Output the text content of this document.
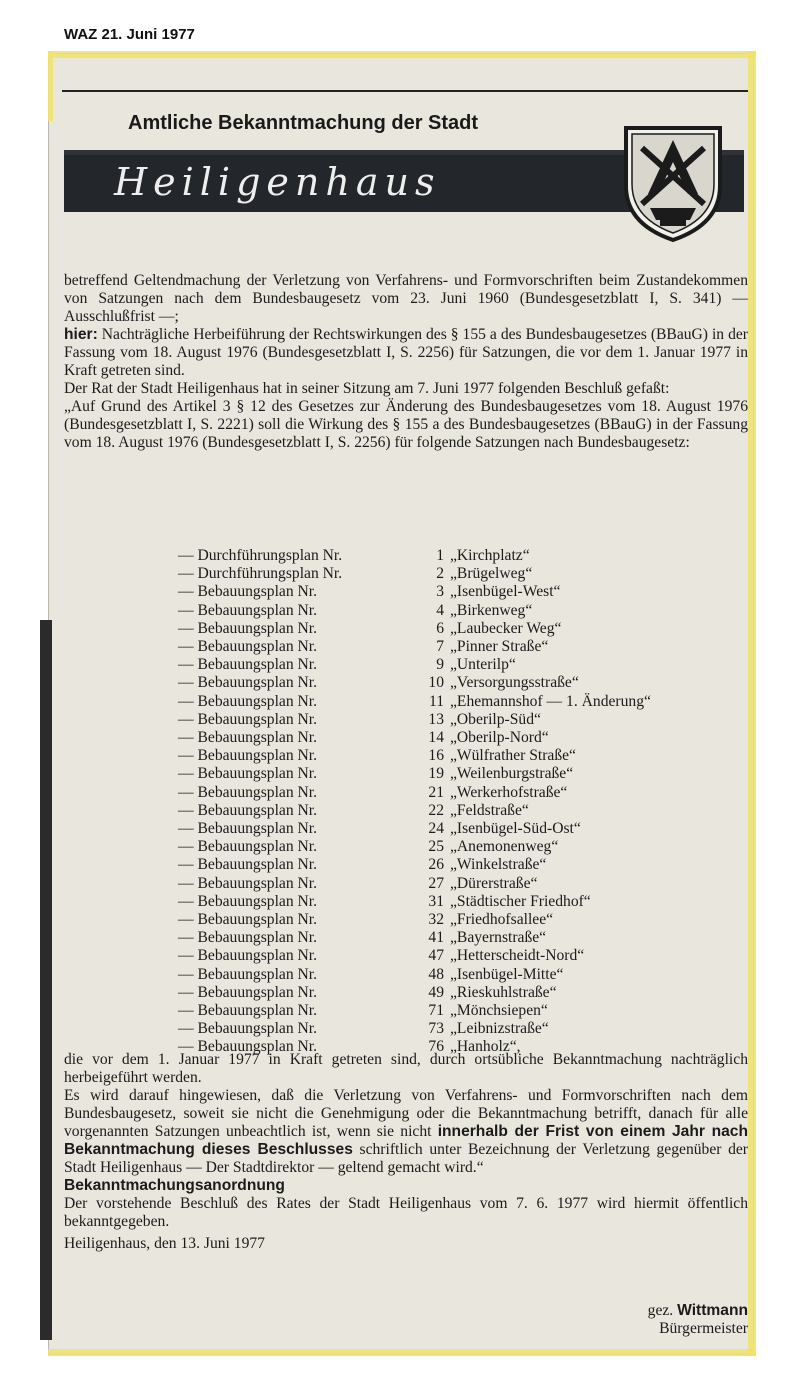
WAZ 21. Juni 1977
Amtliche Bekanntmachung der Stadt
Heiligenhaus

betreffend Geltendmachung der Verletzung von Verfahrens- und Formvorschriften beim Zustandekommen von Satzungen nach dem Bundesbaugesetz vom 23. Juni 1960 (Bundesgesetzblatt I, S. 341) — Ausschlußfrist —;

hier: Nachträgliche Herbeiführung der Rechtswirkungen des § 155 a des Bundesbaugesetzes (BBauG) in der Fassung vom 18. August 1976 (Bundesgesetzblatt I, S. 2256) für Satzungen, die vor dem 1. Januar 1977 in Kraft getreten sind.

Der Rat der Stadt Heiligenhaus hat in seiner Sitzung am 7. Juni 1977 folgenden Beschluß gefaßt:

„Auf Grund des Artikel 3 § 12 des Gesetzes zur Änderung des Bundesbaugesetzes vom 18. August 1976 (Bundesgesetzblatt I, S. 2221) soll die Wirkung des § 155 a des Bundesbaugesetzes (BBauG) in der Fassung vom 18. August 1976 (Bundesgesetzblatt I, S. 2256) für folgende Satzungen nach Bundesbaugesetz:

— Durchführungsplan Nr.	1 „Kirchplatz“
— Durchführungsplan Nr.	2 „Brügelweg“
— Bebauungsplan Nr.	3 „Isenbügel-West“
— Bebauungsplan Nr.	4 „Birkenweg“
— Bebauungsplan Nr.	6 „Laubecker Weg“
— Bebauungsplan Nr.	7 „Pinner Straße“
— Bebauungsplan Nr.	9 „Unterilp“
— Bebauungsplan Nr.	10 „Versorgungsstraße“
— Bebauungsplan Nr.	11 „Ehemannshof — 1. Änderung“
— Bebauungsplan Nr.	13 „Oberilp-Süd“
— Bebauungsplan Nr.	14 „Oberilp-Nord“
— Bebauungsplan Nr.	16 „Wülfrather Straße“
— Bebauungsplan Nr.	19 „Weilenburgstraße“
— Bebauungsplan Nr.	21 „Werkerhofstraße“
— Bebauungsplan Nr.	22 „Feldstraße“
— Bebauungsplan Nr.	24 „Isenbügel-Süd-Ost“
— Bebauungsplan Nr.	25 „Anemonenweg“
— Bebauungsplan Nr.	26 „Winkelstraße“
— Bebauungsplan Nr.	27 „Dürerstraße“
— Bebauungsplan Nr.	31 „Städtischer Friedhof“
— Bebauungsplan Nr.	32 „Friedhofsallee“
— Bebauungsplan Nr.	41 „Bayernstraße“
— Bebauungsplan Nr.	47 „Hetterscheidt-Nord“
— Bebauungsplan Nr.	48 „Isenbügel-Mitte“
— Bebauungsplan Nr.	49 „Rieskuhlstraße“
— Bebauungsplan Nr.	71 „Mönchsiepen“
— Bebauungsplan Nr.	73 „Leibnizstraße“
— Bebauungsplan Nr.	76 „Hanholz“,

die vor dem 1. Januar 1977 in Kraft getreten sind, durch ortsübliche Bekanntmachung nachträglich herbeigeführt werden.

Es wird darauf hingewiesen, daß die Verletzung von Verfahrens- und Formvorschriften nach dem Bundesbaugesetz, soweit sie nicht die Genehmigung oder die Bekanntmachung betrifft, danach für alle vorgenannten Satzungen unbeachtlich ist, wenn sie nicht innerhalb der Frist von einem Jahr nach Bekanntmachung dieses Beschlusses schriftlich unter Bezeichnung der Verletzung gegenüber der Stadt Heiligenhaus — Der Stadtdirektor — geltend gemacht wird.“

Bekanntmachungsanordnung

Der vorstehende Beschluß des Rates der Stadt Heiligenhaus vom 7. 6. 1977 wird hiermit öffentlich bekanntgegeben.

Heiligenhaus, den 13. Juni 1977

gez. Wittmann
Bürgermeister
